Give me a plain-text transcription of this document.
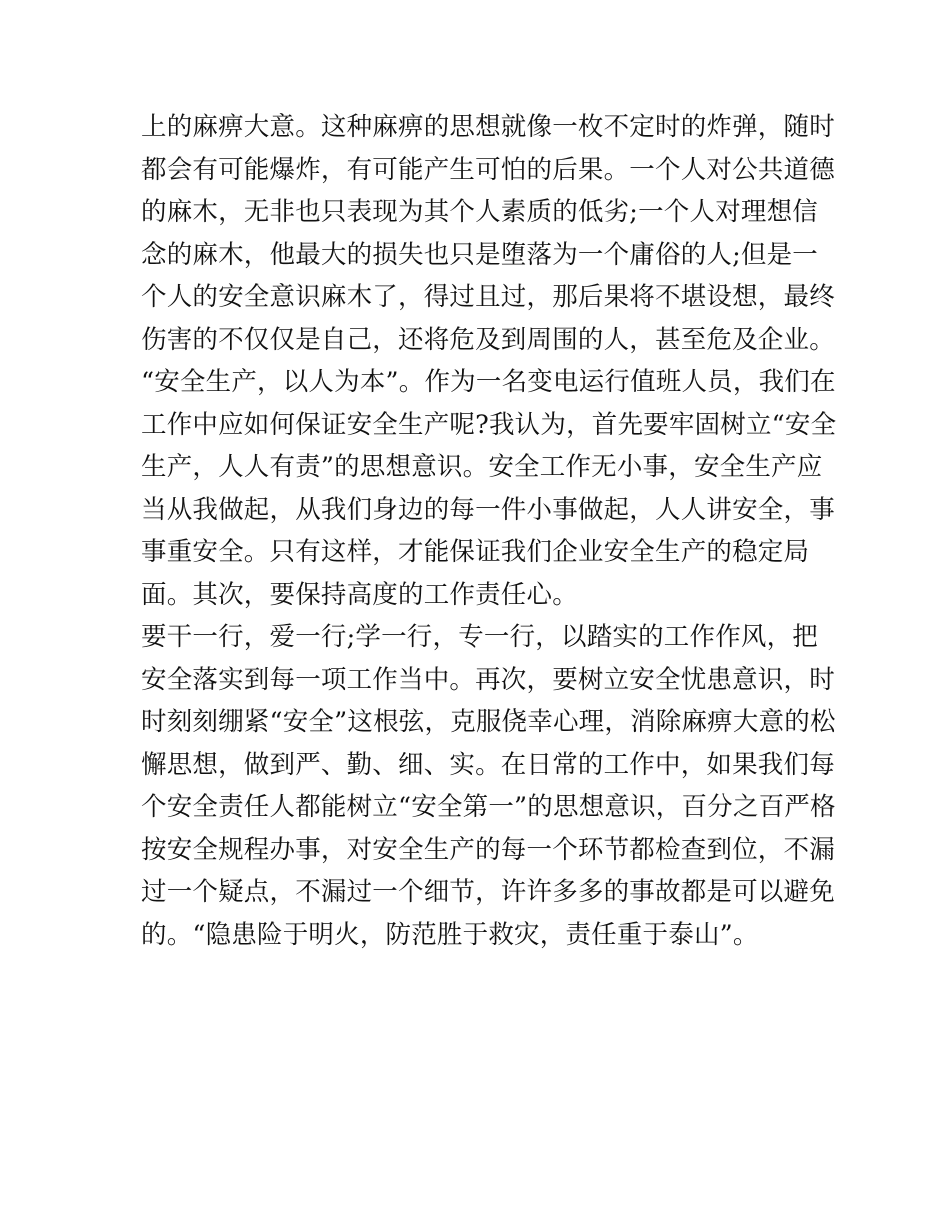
上的麻痹大意。这种麻痹的思想就像一枚不定时的炸弹，随时
都会有可能爆炸，有可能产生可怕的后果。一个人对公共道德
的麻木，无非也只表现为其个人素质的低劣;一个人对理想信
念的麻木，他最大的损失也只是堕落为一个庸俗的人;但是一
个人的安全意识麻木了，得过且过，那后果将不堪设想，最终
伤害的不仅仅是自己，还将危及到周围的人，甚至危及企业。
“安全生产，以人为本”。作为一名变电运行值班人员，我们在
工作中应如何保证安全生产呢?我认为，首先要牢固树立“安全
生产，人人有责”的思想意识。安全工作无小事，安全生产应
当从我做起，从我们身边的每一件小事做起，人人讲安全，事
事重安全。只有这样，才能保证我们企业安全生产的稳定局
面。其次，要保持高度的工作责任心。
要干一行，爱一行;学一行，专一行，以踏实的工作作风，把
安全落实到每一项工作当中。再次，要树立安全忧患意识，时
时刻刻绷紧“安全”这根弦，克服侥幸心理，消除麻痹大意的松
懈思想，做到严、勤、细、实。在日常的工作中，如果我们每
个安全责任人都能树立“安全第一”的思想意识，百分之百严格
按安全规程办事，对安全生产的每一个环节都检查到位，不漏
过一个疑点，不漏过一个细节，许许多多的事故都是可以避免
的。“隐患险于明火，防范胜于救灾，责任重于泰山”。
